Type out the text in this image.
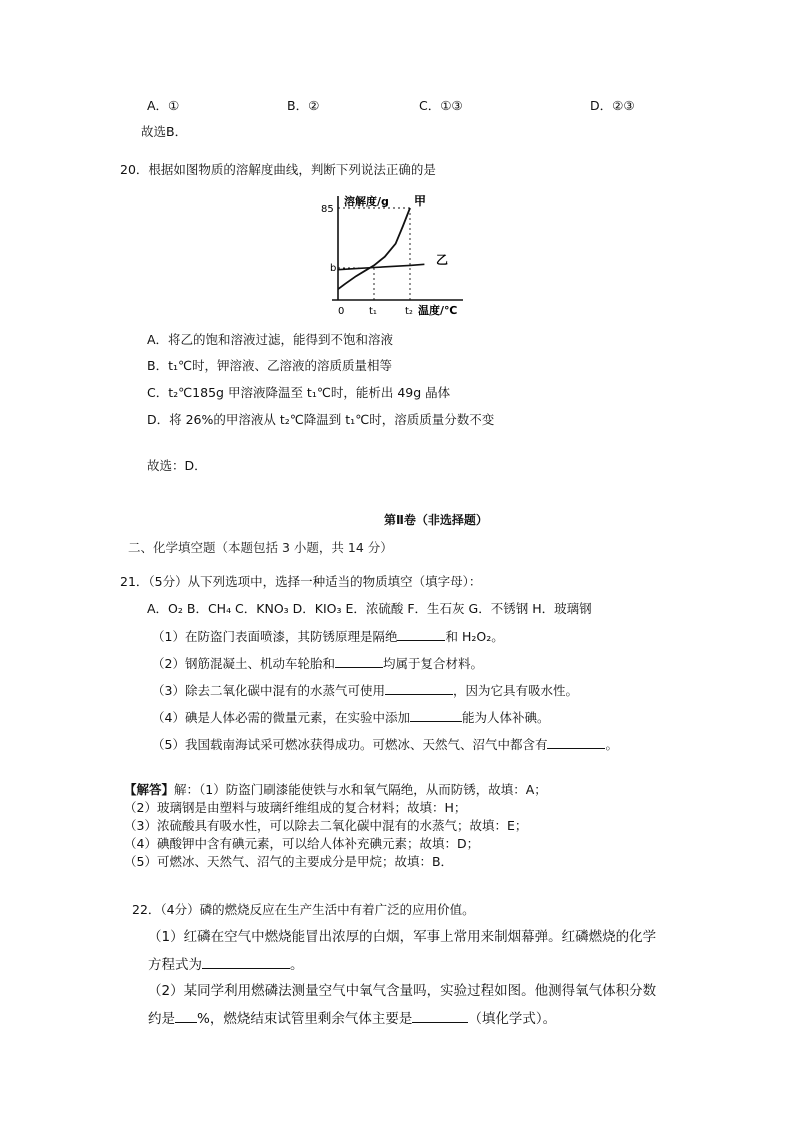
A．①	B．②	C．①③	D．②③
故选B．
20．根据如图物质的溶解度曲线，判断下列说法正确的是
溶解度/g 甲
乙
85
b
0 t₁	t₂ 温度/℃
A．将乙的饱和溶液过滤，能得到不饱和溶液
B．t₁℃时，钾溶液、乙溶液的溶质质量相等
C．t₂℃185g 甲溶液降温至 t₁℃时，能析出 49g 晶体
D．将 26%的甲溶液从 t₂℃降温到 t₁℃时，溶质质量分数不变
故选：D．
第Ⅱ卷（非选择题）
二、化学填空题（本题包括 3 小题，共 14 分）
21．（5分）从下列选项中，选择一种适当的物质填空（填字母）：
A．O₂ B．CH₄ C．KNO₃ D．KIO₃ E．浓硫酸 F．生石灰 G．不锈钢 H．玻璃钢
（1）在防盗门表面喷漆，其防锈原理是隔绝	和 H₂O₂。
（2）钢筋混凝土、机动车轮胎和	均属于复合材料。
（3）除去二氧化碳中混有的水蒸气可使用	，因为它具有吸水性。
（4）碘是人体必需的微量元素，在实验中添加	能为人体补碘。
（5）我国载南海试采可燃冰获得成功。可燃冰、天然气、沼气中都含有	。
【解答】解：（1）防盗门刷漆能使铁与水和氧气隔绝，从而防锈，故填：A；
（2）玻璃钢是由塑料与玻璃纤维组成的复合材料；故填：H；
（3）浓硫酸具有吸水性，可以除去二氧化碳中混有的水蒸气；故填：E；
（4）碘酸钾中含有碘元素，可以给人体补充碘元素；故填：D；
（5）可燃冰、天然气、沼气的主要成分是甲烷；故填：B．
22．（4分）磷的燃烧反应在生产生活中有着广泛的应用价值。
（1）红磷在空气中燃烧能冒出浓厚的白烟，军事上常用来制烟幕弹。红磷燃烧的化学
方程式为	。
（2）某同学利用燃磷法测量空气中氧气含量吗，实验过程如图。他测得氧气体积分数
约是 %，燃烧结束试管里剩余气体主要是	（填化学式）。
